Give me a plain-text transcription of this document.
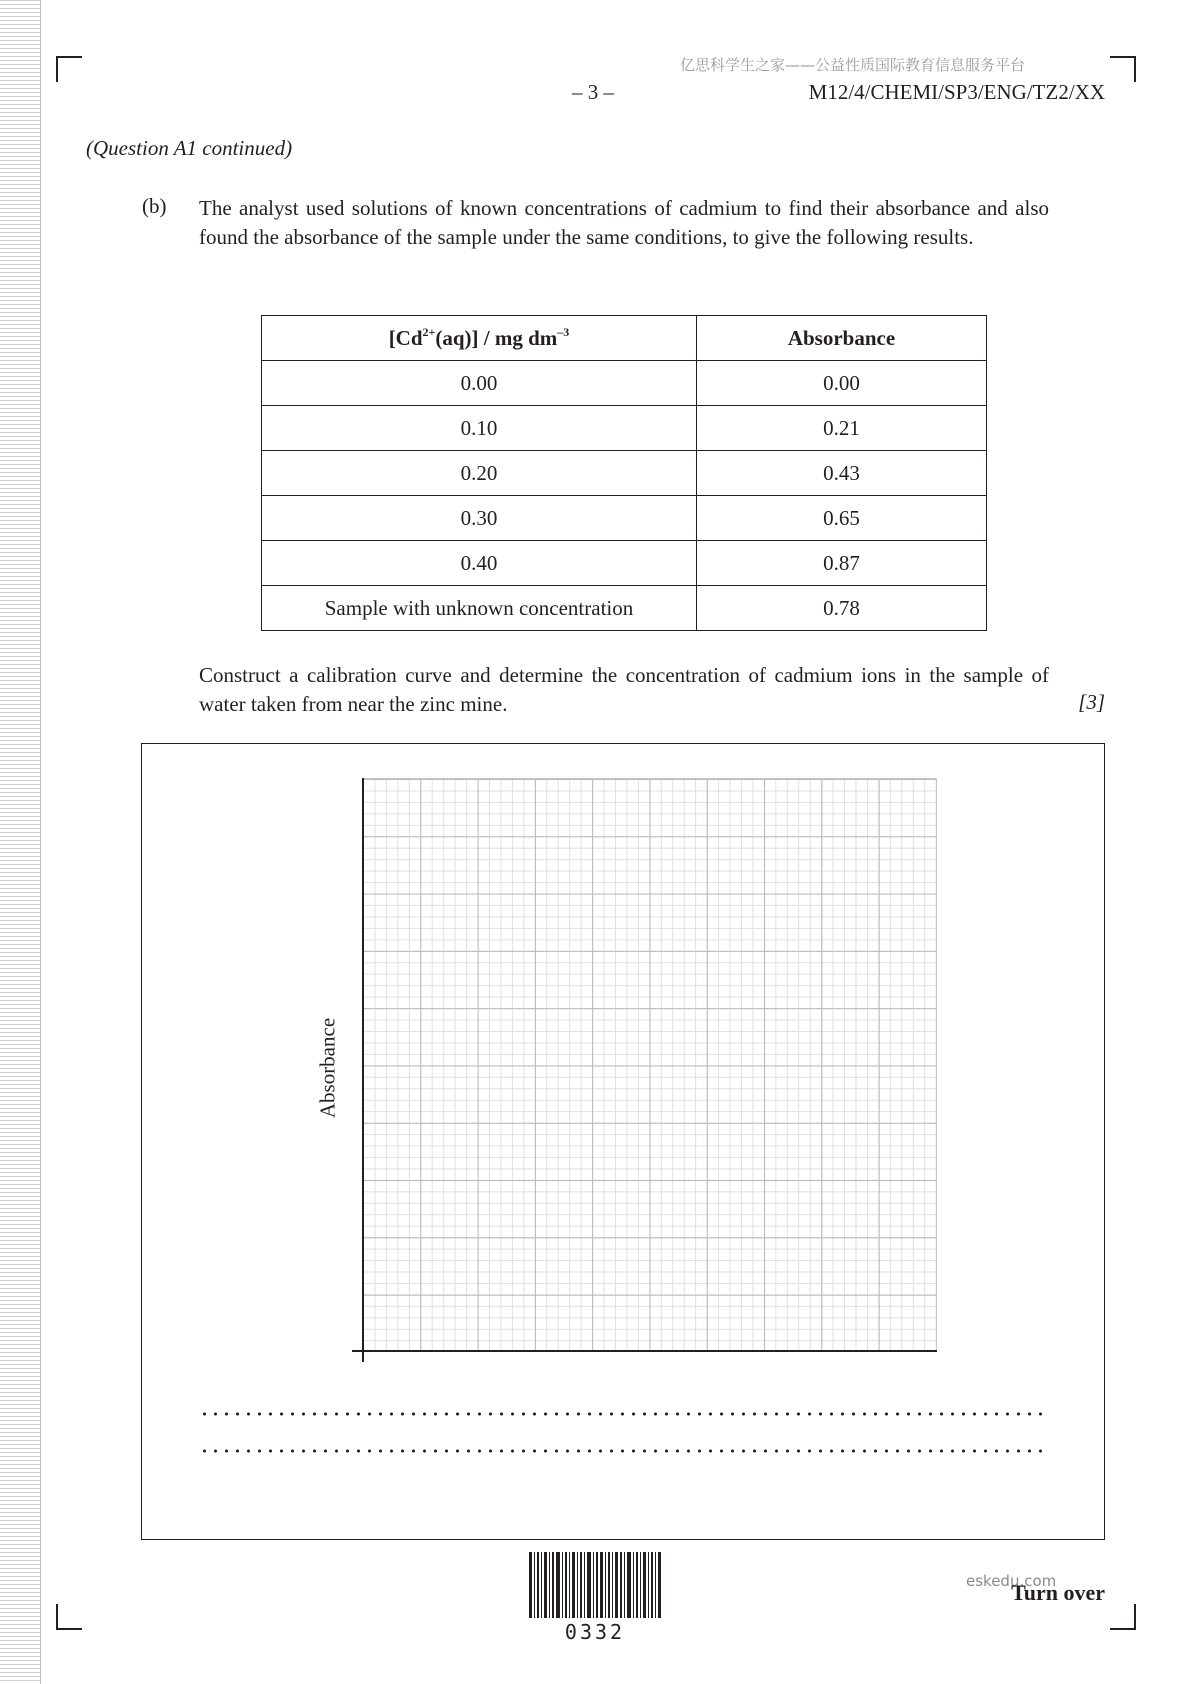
亿思科学生之家——公益性质国际教育信息服务平台
– 3 –	M12/4/CHEMI/SP3/ENG/TZ2/XX
(Question A1 continued)
(b) The analyst used solutions of known concentrations of cadmium to find their absorbance and also found the absorbance of the sample under the same conditions, to give the following results.
$[Cd^{2+}(aq)]$ / mg $dm^{-3}$	Absorbance
0.00	0.00
0.10	0.21
0.20	0.43
0.30	0.65
0.40	0.87
Sample with unknown concentration	0.78
Construct a calibration curve and determine the concentration of cadmium ions in the sample of water taken from near the zinc mine.	[3]
Absorbance
0332
eskedu.com
Turn over
